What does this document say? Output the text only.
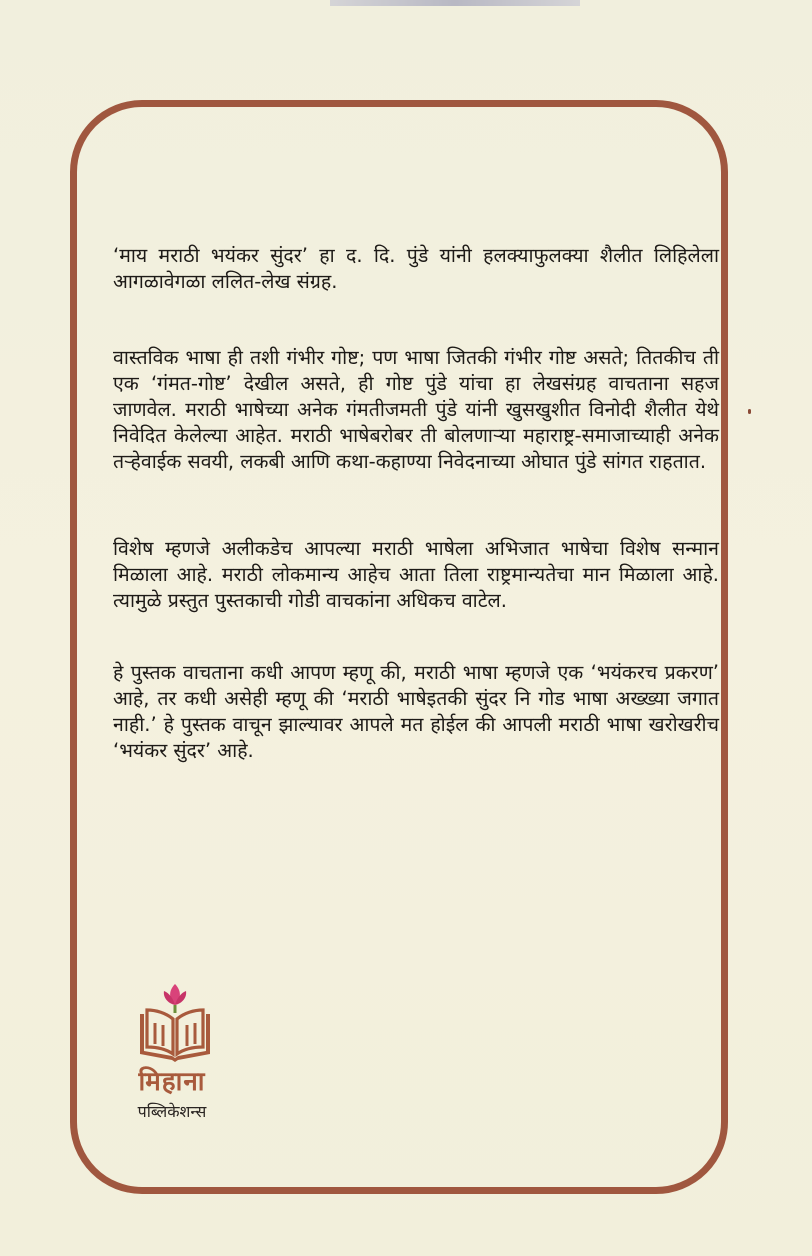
‘माय मराठी भयंकर सुंदर’ हा द. दि. पुंडे यांनी हलक्याफुलक्या शैलीत लिहिलेला आगळावेगळा ललित-लेख संग्रह.

वास्तविक भाषा ही तशी गंभीर गोष्ट; पण भाषा जितकी गंभीर गोष्ट असते; तितकीच ती एक ‘गंमत-गोष्ट’ देखील असते, ही गोष्ट पुंडे यांचा हा लेखसंग्रह वाचताना सहज जाणवेल. मराठी भाषेच्या अनेक गंमतीजमती पुंडे यांनी खुसखुशीत विनोदी शैलीत येथे निवेदित केलेल्या आहेत. मराठी भाषेबरोबर ती बोलणाऱ्या महाराष्ट्र-समाजाच्याही अनेक तऱ्हेवाईक सवयी, लकबी आणि कथा-कहाण्या निवेदनाच्या ओघात पुंडे सांगत राहतात.

विशेष म्हणजे अलीकडेच आपल्या मराठी भाषेला अभिजात भाषेचा विशेष सन्मान मिळाला आहे. मराठी लोकमान्य आहेच आता तिला राष्ट्रमान्यतेचा मान मिळाला आहे. त्यामुळे प्रस्तुत पुस्तकाची गोडी वाचकांना अधिकच वाटेल.

हे पुस्तक वाचताना कधी आपण म्हणू की, मराठी भाषा म्हणजे एक ‘भयंकरच प्रकरण’ आहे, तर कधी असेही म्हणू की ‘मराठी भाषेइतकी सुंदर नि गोड भाषा अख्ख्या जगात नाही.’ हे पुस्तक वाचून झाल्यावर आपले मत होईल की आपली मराठी भाषा खरोखरीच ‘भयंकर सुंदर’ आहे.

मिहाना
पब्लिकेशन्स
